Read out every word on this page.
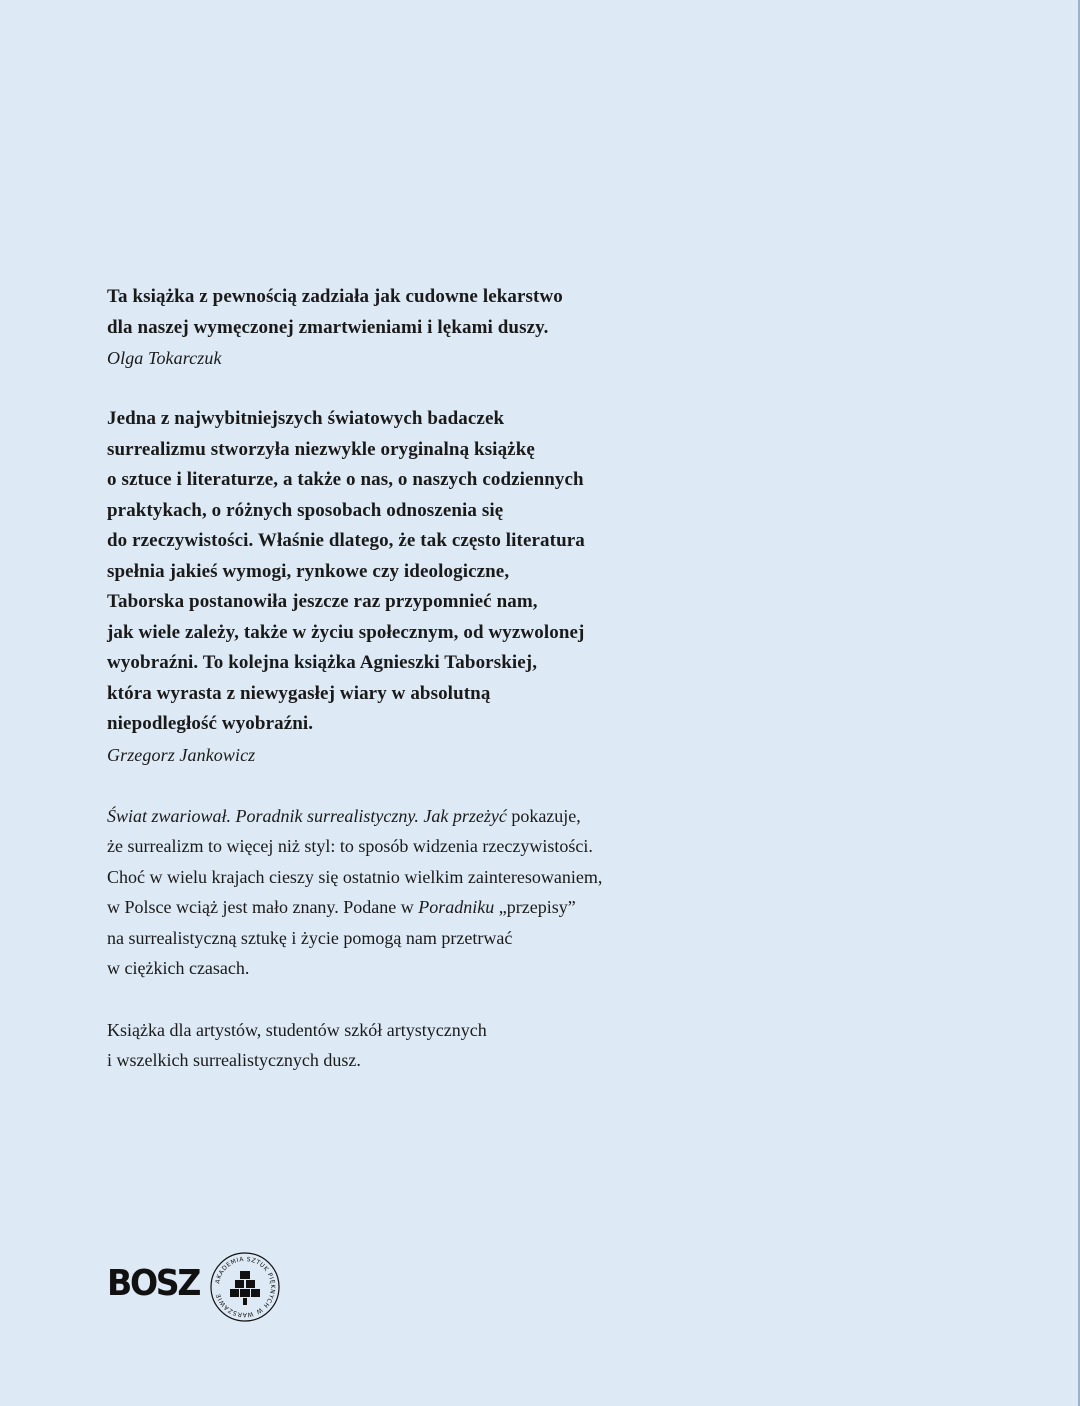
Ta książka z pewnością zadziała jak cudowne lekarstwo
dla naszej wymęczonej zmartwieniami i lękami duszy.
Olga Tokarczuk
Jedna z najwybitniejszych światowych badaczek
surrealizmu stworzyła niezwykle oryginalną książkę
o sztuce i literaturze, a także o nas, o naszych codziennych
praktykach, o różnych sposobach odnoszenia się
do rzeczywistości. Właśnie dlatego, że tak często literatura
spełnia jakieś wymogi, rynkowe czy ideologiczne,
Taborska postanowiła jeszcze raz przypomnieć nam,
jak wiele zależy, także w życiu społecznym, od wyzwolonej
wyobraźni. To kolejna książka Agnieszki Taborskiej,
która wyrasta z niewygasłej wiary w absolutną
niepodległość wyobraźni.
Grzegorz Jankowicz
Świat zwariował. Poradnik surrealistyczny. Jak przeżyć pokazuje,
że surrealizm to więcej niż styl: to sposób widzenia rzeczywistości.
Choć w wielu krajach cieszy się ostatnio wielkim zainteresowaniem,
w Polsce wciąż jest mało znany. Podane w Poradniku „przepisy”
na surrealistyczną sztukę i życie pomogą nam przetrwać
w ciężkich czasach.
Książka dla artystów, studentów szkół artystycznych
i wszelkich surrealistycznych dusz.
BOSZ	AKADEMIA SZTUK PIĘKNYCH W WARSZAWIE
